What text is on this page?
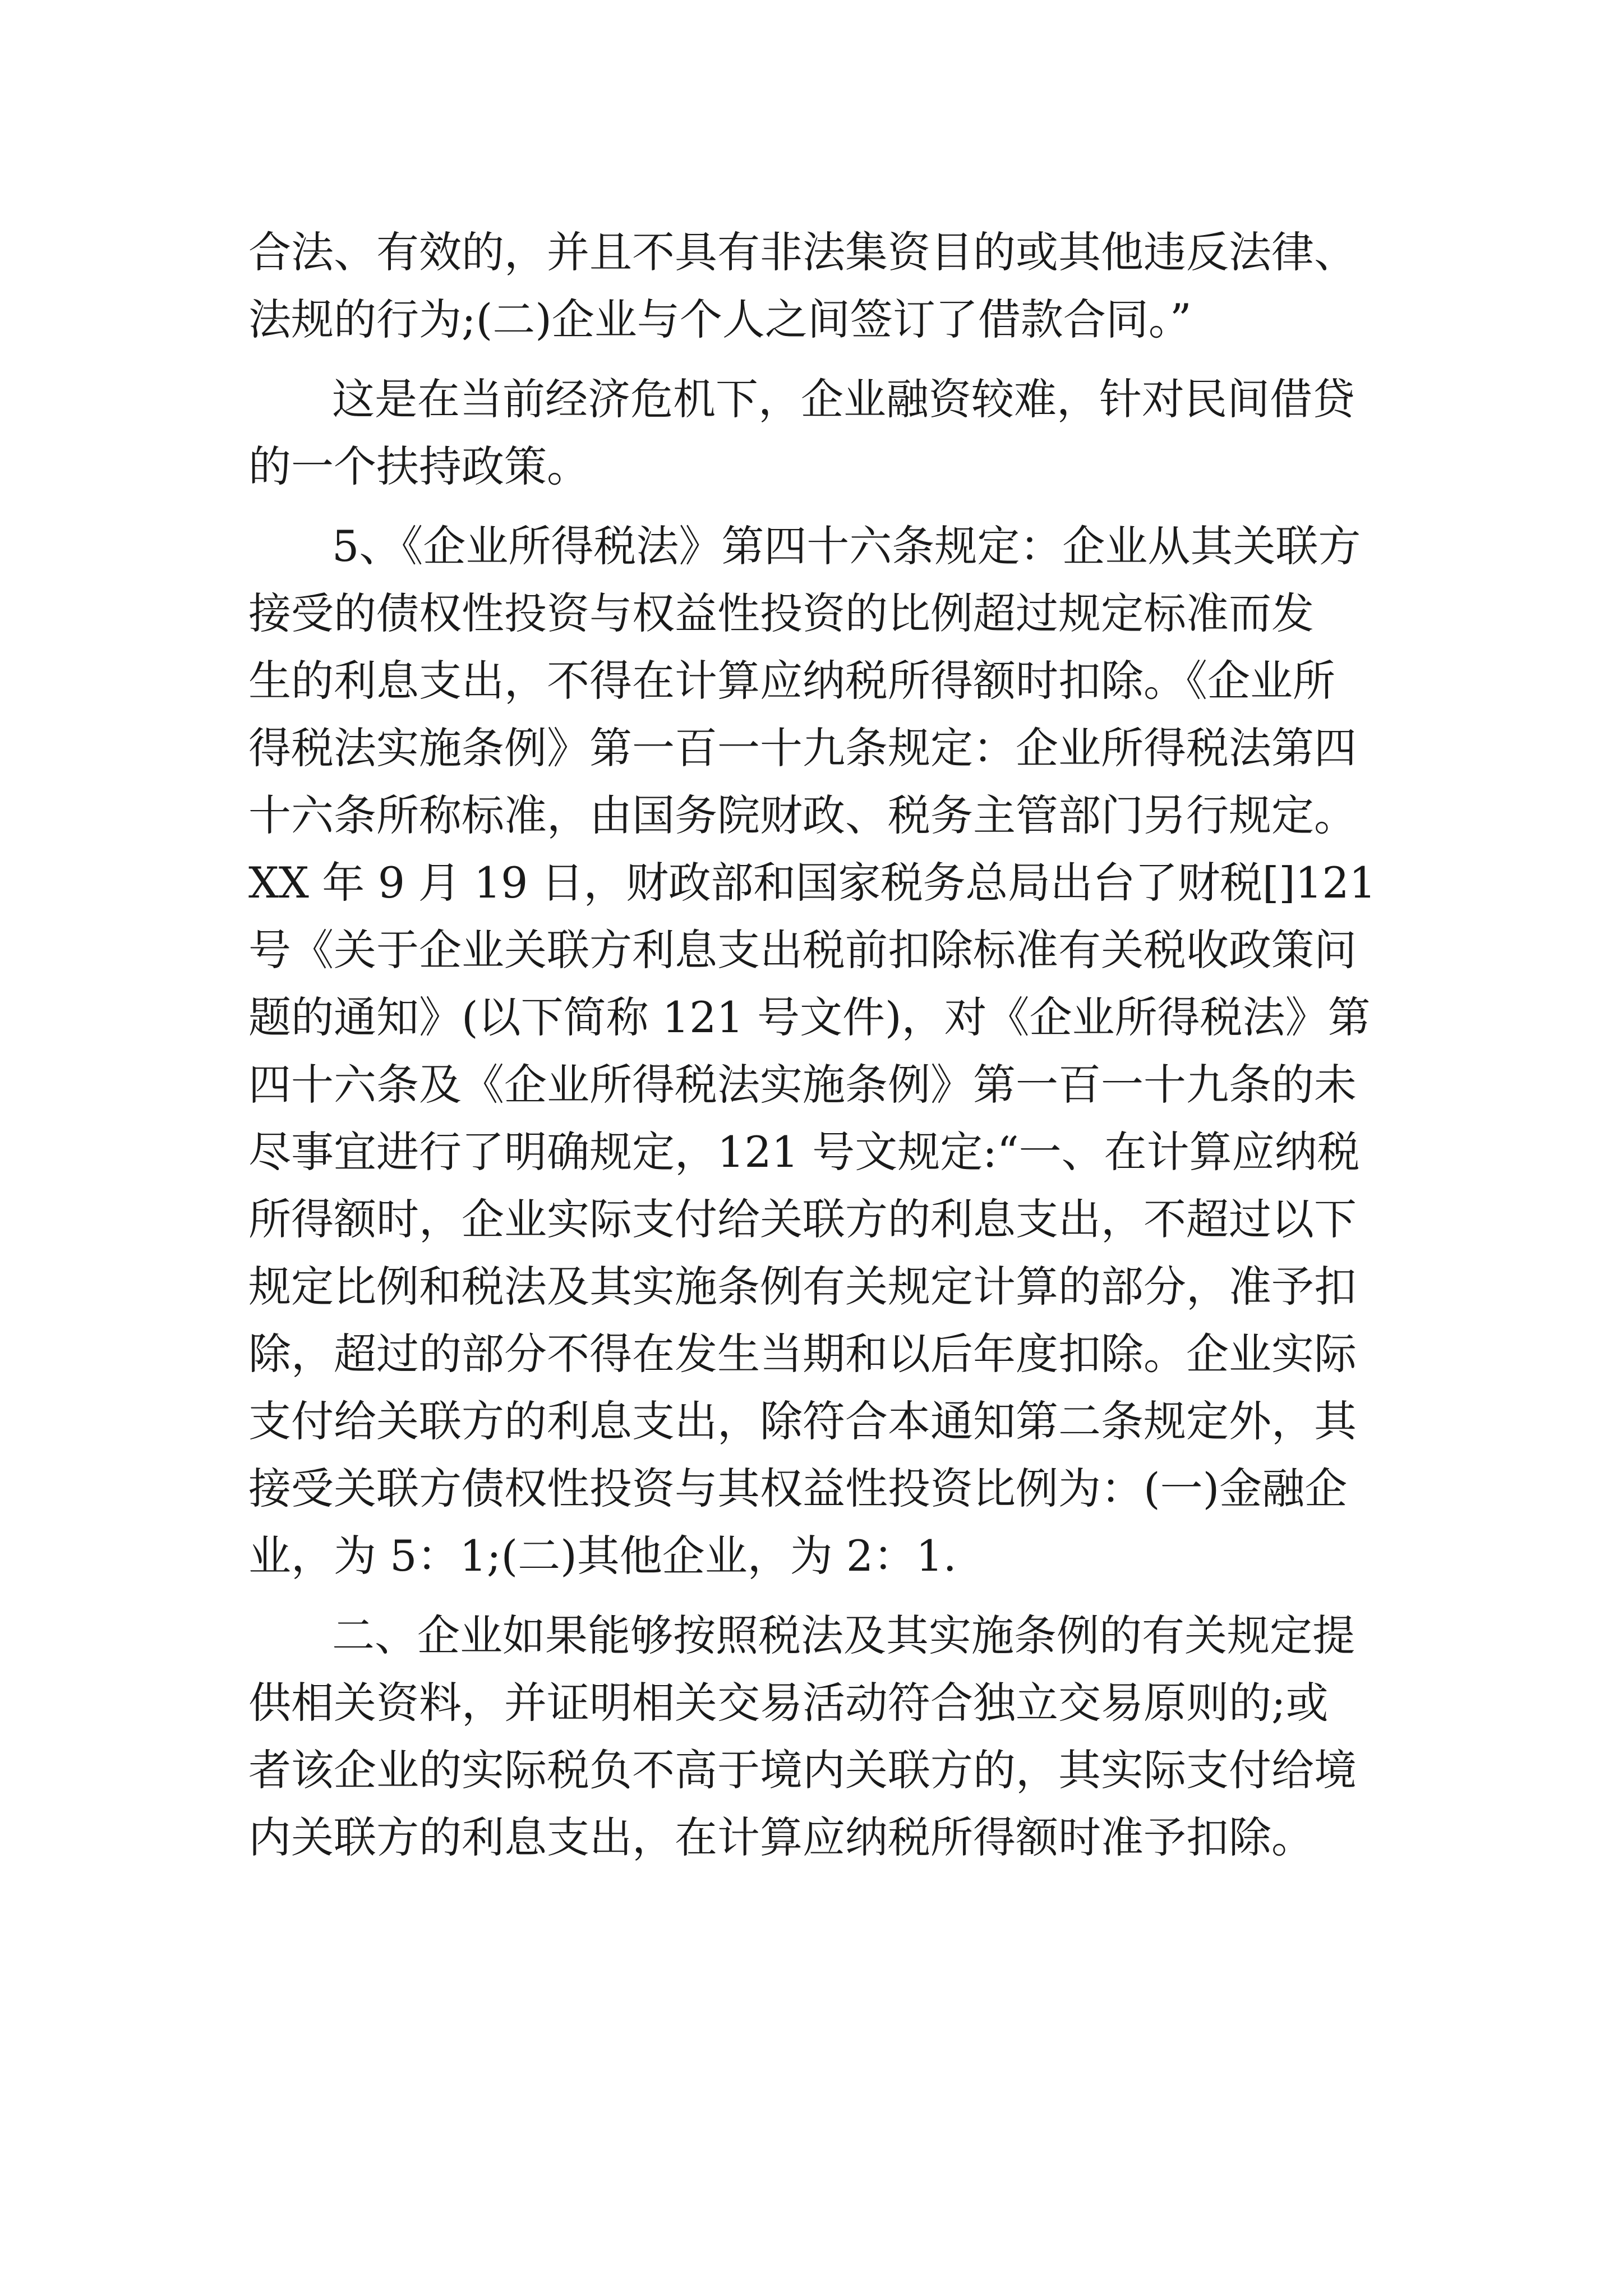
合法、有效的，并且不具有非法集资目的或其他违反法律、
法规的行为;(二)企业与个人之间签订了借款合同。”
这是在当前经济危机下，企业融资较难，针对民间借贷
的一个扶持政策。
5、《企业所得税法》第四十六条规定：企业从其关联方
接受的债权性投资与权益性投资的比例超过规定标准而发
生的利息支出，不得在计算应纳税所得额时扣除。《企业所
得税法实施条例》第一百一十九条规定：企业所得税法第四
十六条所称标准，由国务院财政、税务主管部门另行规定。
XX 年 9 月 19 日，财政部和国家税务总局出台了财税[]121
号《关于企业关联方利息支出税前扣除标准有关税收政策问
题的通知》(以下简称 121 号文件)，对《企业所得税法》第
四十六条及《企业所得税法实施条例》第一百一十九条的未
尽事宜进行了明确规定，121 号文规定:“一、在计算应纳税
所得额时，企业实际支付给关联方的利息支出，不超过以下
规定比例和税法及其实施条例有关规定计算的部分，准予扣
除，超过的部分不得在发生当期和以后年度扣除。企业实际
支付给关联方的利息支出，除符合本通知第二条规定外，其
接受关联方债权性投资与其权益性投资比例为：(一)金融企
业，为 5：1;(二)其他企业，为 2：1.
二、企业如果能够按照税法及其实施条例的有关规定提
供相关资料，并证明相关交易活动符合独立交易原则的;或
者该企业的实际税负不高于境内关联方的，其实际支付给境
内关联方的利息支出，在计算应纳税所得额时准予扣除。
